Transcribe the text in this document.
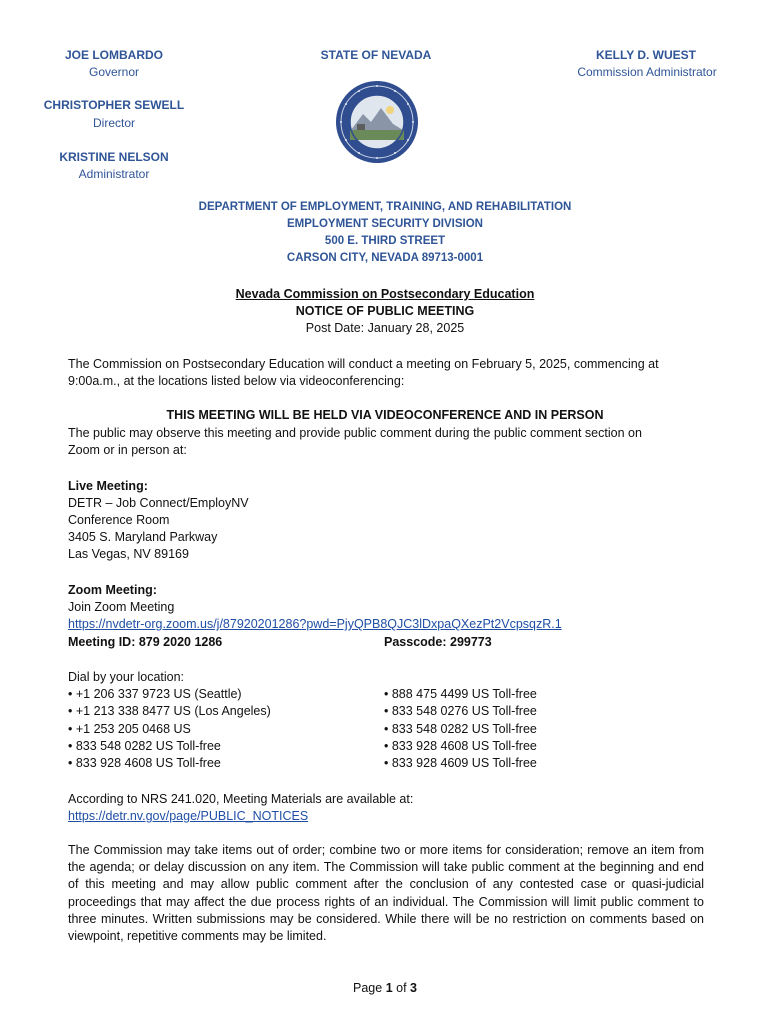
JOE LOMBARDO
Governor
STATE OF NEVADA	KELLY D. WUEST
Commission Administrator
CHRISTOPHER SEWELL
Director
KRISTINE NELSON
Administrator
DEPARTMENT OF EMPLOYMENT, TRAINING, AND REHABILITATION
EMPLOYMENT SECURITY DIVISION
500 E. THIRD STREET
CARSON CITY, NEVADA 89713-0001
Nevada Commission on Postsecondary Education
NOTICE OF PUBLIC MEETING
Post Date: January 28, 2025
The Commission on Postsecondary Education will conduct a meeting on February 5, 2025, commencing at
9:00a.m., at the locations listed below via videoconferencing:
THIS MEETING WILL BE HELD VIA VIDEOCONFERENCE AND IN PERSON
The public may observe this meeting and provide public comment during the public comment section on
Zoom or in person at:
Live Meeting:
DETR – Job Connect/EmployNV
Conference Room
3405 S. Maryland Parkway
Las Vegas, NV 89169
Zoom Meeting:
Join Zoom Meeting
https://nvdetr-org.zoom.us/j/87920201286?pwd=PjyQPB8QJC3lDxpaQXezPt2VcpsqzR.1
Meeting ID: 879 2020 1286	Passcode: 299773
Dial by your location:
• +1 206 337 9723 US (Seattle)
• +1 213 338 8477 US (Los Angeles)
• +1 253 205 0468 US
• 833 548 0282 US Toll-free
• 833 928 4608 US Toll-free
• 888 475 4499 US Toll-free
• 833 548 0276 US Toll-free
• 833 548 0282 US Toll-free
• 833 928 4608 US Toll-free
• 833 928 4609 US Toll-free
According to NRS 241.020, Meeting Materials are available at:
https://detr.nv.gov/page/PUBLIC_NOTICES
The Commission may take items out of order; combine two or more items for consideration; remove an item from the agenda; or delay discussion on any item. The Commission will take public comment at the beginning and end of this meeting and may allow public comment after the conclusion of any contested case or quasi-judicial proceedings that may affect the due process rights of an individual. The Commission will limit public comment to three minutes. Written submissions may be considered. While there will be no restriction on comments based on viewpoint, repetitive comments may be limited.
Page 1 of 3
